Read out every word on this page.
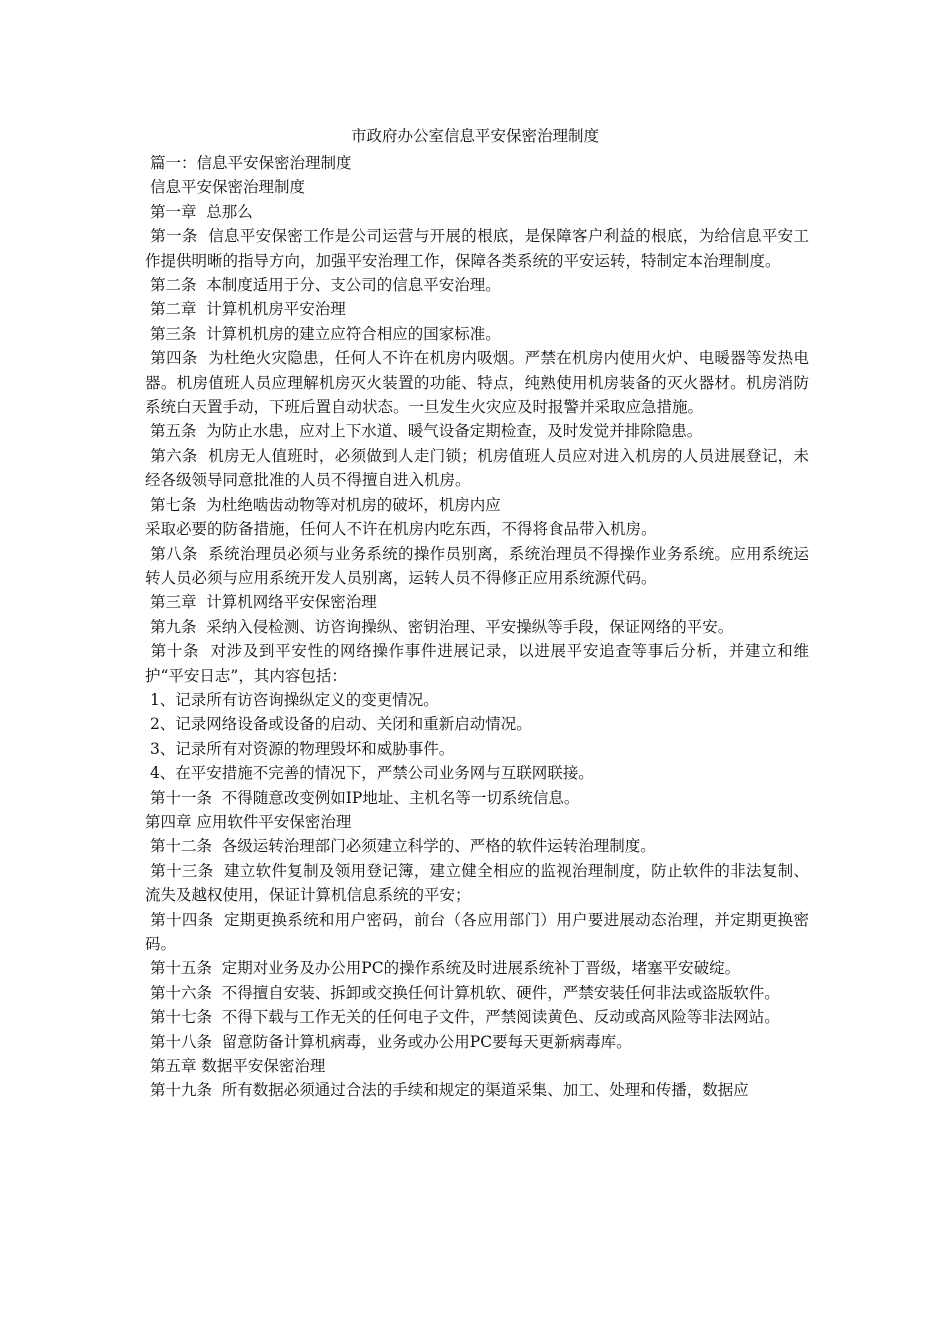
市政府办公室信息平安保密治理制度
篇一：信息平安保密治理制度
信息平安保密治理制度
第一章  总那么
第一条  信息平安保密工作是公司运营与开展的根底，是保障客户利益的根底，为给信息平安工作提供明晰的指导方向，加强平安治理工作，保障各类系统的平安运转，特制定本治理制度。
第二条  本制度适用于分、支公司的信息平安治理。
第二章  计算机机房平安治理
第三条  计算机机房的建立应符合相应的国家标准。
第四条  为杜绝火灾隐患，任何人不许在机房内吸烟。严禁在机房内使用火炉、电暖器等发热电器。机房值班人员应理解机房灭火装置的功能、特点，纯熟使用机房装备的灭火器材。机房消防系统白天置手动，下班后置自动状态。一旦发生火灾应及时报警并采取应急措施。
第五条  为防止水患，应对上下水道、暖气设备定期检查，及时发觉并排除隐患。
第六条  机房无人值班时，必须做到人走门锁；机房值班人员应对进入机房的人员进展登记，未经各级领导同意批准的人员不得擅自进入机房。
第七条  为杜绝啮齿动物等对机房的破坏，机房内应
采取必要的防备措施，任何人不许在机房内吃东西，不得将食品带入机房。
第八条  系统治理员必须与业务系统的操作员别离，系统治理员不得操作业务系统。应用系统运转人员必须与应用系统开发人员别离，运转人员不得修正应用系统源代码。
第三章  计算机网络平安保密治理
第九条  采纳入侵检测、访咨询操纵、密钥治理、平安操纵等手段，保证网络的平安。
第十条  对涉及到平安性的网络操作事件进展记录，以进展平安追查等事后分析，并建立和维护“平安日志”，其内容包括：
1、记录所有访咨询操纵定义的变更情况。
2、记录网络设备或设备的启动、关闭和重新启动情况。
3、记录所有对资源的物理毁坏和威胁事件。
4、在平安措施不完善的情况下，严禁公司业务网与互联网联接。
第十一条  不得随意改变例如IP地址、主机名等一切系统信息。
第四章 应用软件平安保密治理
第十二条  各级运转治理部门必须建立科学的、严格的软件运转治理制度。
第十三条  建立软件复制及领用登记簿，建立健全相应的监视治理制度，防止软件的非法复制、流失及越权使用，保证计算机信息系统的平安；
第十四条  定期更换系统和用户密码，前台（各应用部门）用户要进展动态治理，并定期更换密码。
第十五条  定期对业务及办公用PC的操作系统及时进展系统补丁晋级，堵塞平安破绽。
第十六条  不得擅自安装、拆卸或交换任何计算机软、硬件，严禁安装任何非法或盗版软件。
第十七条  不得下载与工作无关的任何电子文件，严禁阅读黄色、反动或高风险等非法网站。
第十八条  留意防备计算机病毒，业务或办公用PC要每天更新病毒库。
第五章 数据平安保密治理
第十九条  所有数据必须通过合法的手续和规定的渠道采集、加工、处理和传播，数据应
